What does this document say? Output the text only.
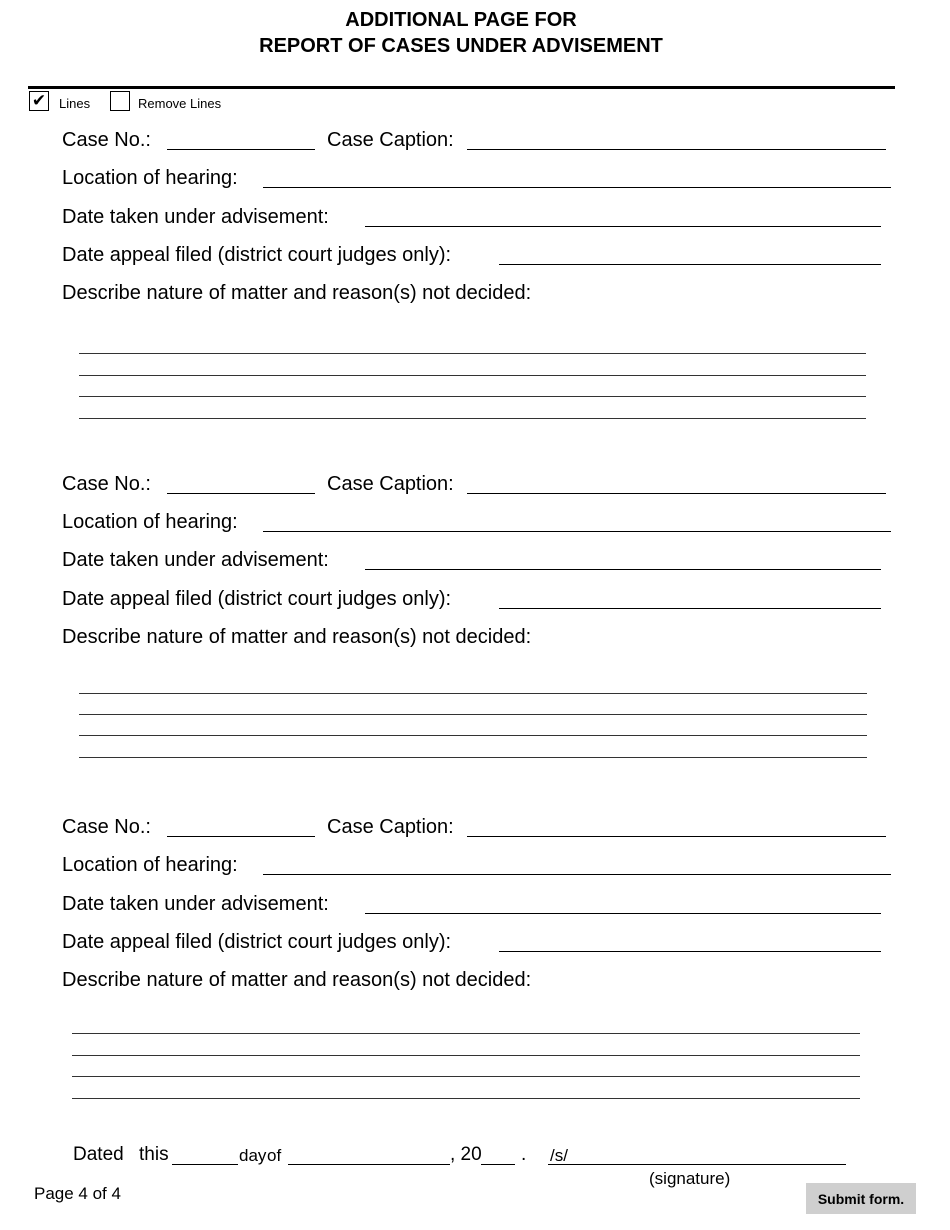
ADDITIONAL PAGE FOR
REPORT OF CASES UNDER ADVISEMENT
✔ Lines	Remove Lines
Case No.:	Case Caption:
Location of hearing:
Date taken under advisement:
Date appeal filed (district court judges only):
Describe nature of matter and reason(s) not decided:
Case No.:	Case Caption:
Location of hearing:
Date taken under advisement:
Date appeal filed (district court judges only):
Describe nature of matter and reason(s) not decided:
Case No.:	Case Caption:
Location of hearing:
Date taken under advisement:
Date appeal filed (district court judges only):
Describe nature of matter and reason(s) not decided:
Dated this	day of	, 20 . /s/
(signature)
Page 4 of 4	Submit form.
